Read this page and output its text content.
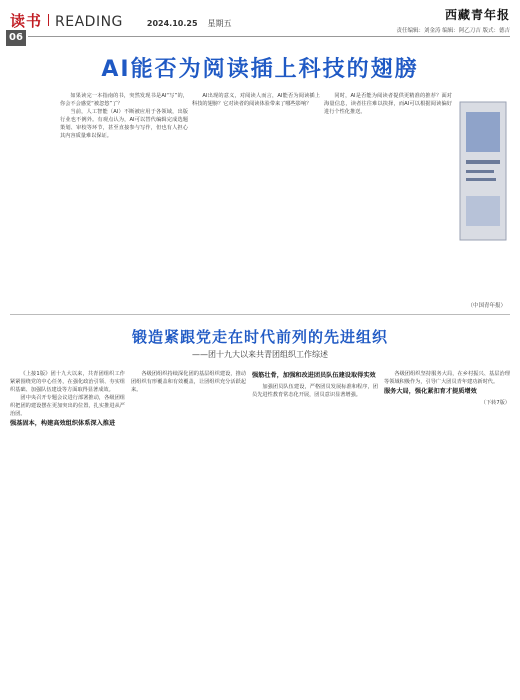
读书 READING	2024.10.25 星期五
06
西藏青年报
责任编辑：刘金涛 编辑：阿乙刀吉 版式：德吉
AI能否为阅读插上科技的翅膀

如果读完一本指南的书，突然发现书是AI“写”的，你会不会感觉“被忽悠”了？

当前，人工智能（AI）不断被应用于各领域，出版行业也不例外。有观点认为，AI可以替代编辑完成选题策划、审校等环节，甚至直接参与写作，但也有人担心其内容质量难以保证。

AI出现的意义，对阅读人而言，AI能否为阅读插上科技的翅膀？它对读者的阅读体验带来了哪些影响？

同时，AI是否能为阅读者提供更精准的推荐？面对海量信息，读者往往难以抉择，而AI可以根据阅读偏好进行个性化推送。

（中国青年报）
锻造紧跟党走在时代前列的先进组织
——团十九大以来共青团组织工作综述

《上接1版》团十九大以来，共青团组织工作紧紧围绕党的中心任务，在强化政治引领、夯实组织基础、加强队伍建设等方面取得显著成效。

团中央召开专题会议进行部署推动，各级团组织把团的建设摆在更加突出的位置，扎实推进从严治团。

强基固本，构建高效组织体系深入推进

各级团组织持续深化团的基层组织建设，推动团组织有形覆盖和有效覆盖，让团组织充分活跃起来。

强筋壮骨，加强和改进团员队伍建设取得实效

加强团员队伍建设，严格团员发展标准和程序，团员先进性教育常态化开展，团员意识显著增强。

各级团组织坚持服务大局，在乡村振兴、基层治理等领域积极作为，引导广大团员青年建功新时代。

服务大局，强化紧扣育才提质增效

（下转7版）
